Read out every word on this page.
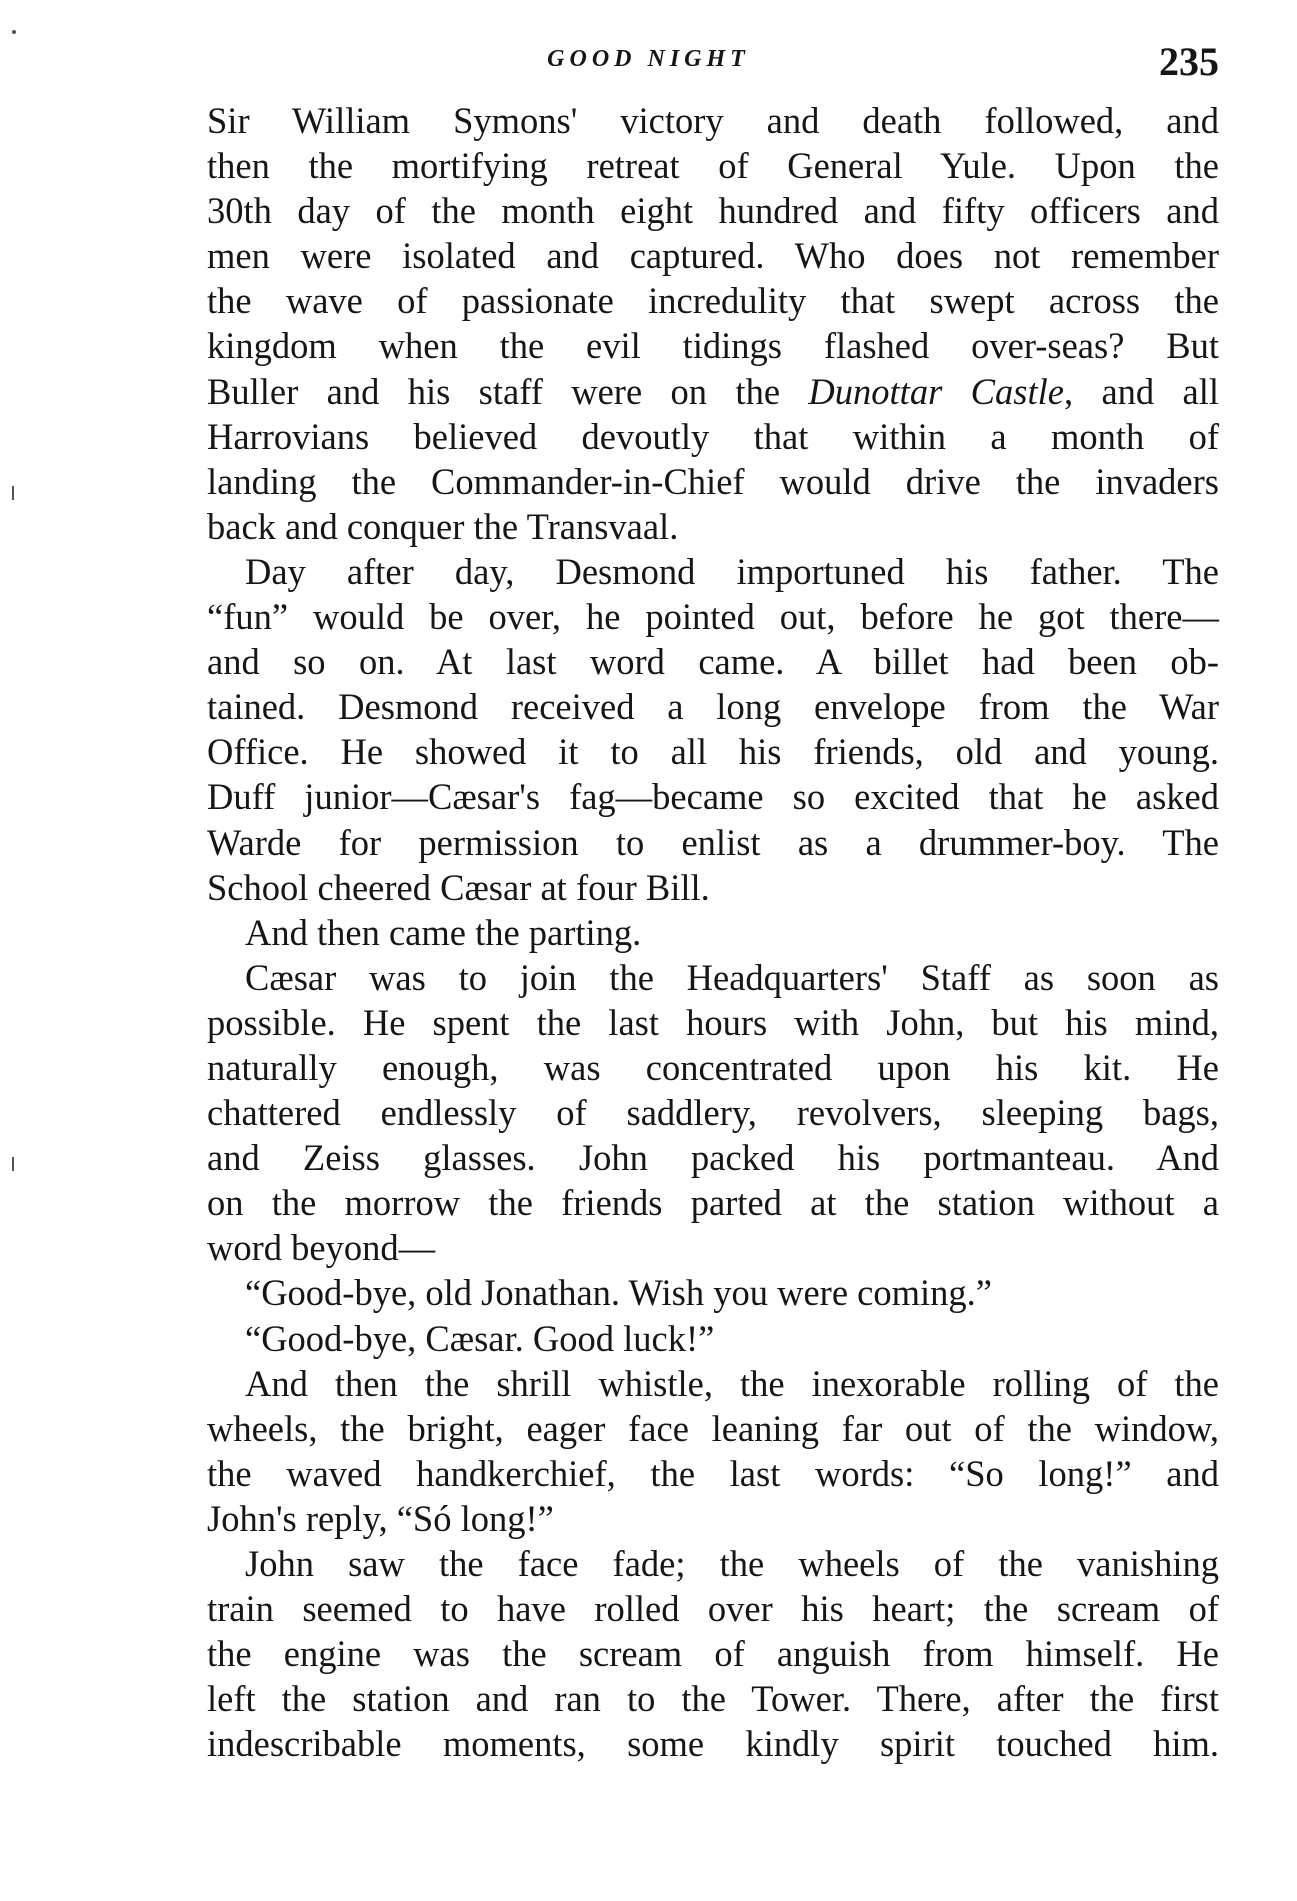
GOOD NIGHT	235
Sir William Symons' victory and death followed, and
then the mortifying retreat of General Yule. Upon the
30th day of the month eight hundred and fifty officers and
men were isolated and captured. Who does not remember
the wave of passionate incredulity that swept across the
kingdom when the evil tidings flashed over-seas? But
Buller and his staff were on the Dunottar Castle, and all
Harrovians believed devoutly that within a month of
landing the Commander-in-Chief would drive the invaders
back and conquer the Transvaal.
Day after day, Desmond importuned his father. The
“fun” would be over, he pointed out, before he got there—
and so on. At last word came. A billet had been ob-
tained. Desmond received a long envelope from the War
Office. He showed it to all his friends, old and young.
Duff junior—Cæsar's fag—became so excited that he asked
Warde for permission to enlist as a drummer-boy. The
School cheered Cæsar at four Bill.
And then came the parting.
Cæsar was to join the Headquarters' Staff as soon as
possible. He spent the last hours with John, but his mind,
naturally enough, was concentrated upon his kit. He
chattered endlessly of saddlery, revolvers, sleeping bags,
and Zeiss glasses. John packed his portmanteau. And
on the morrow the friends parted at the station without a
word beyond—
“Good-bye, old Jonathan. Wish you were coming.”
“Good-bye, Cæsar. Good luck!”
And then the shrill whistle, the inexorable rolling of the
wheels, the bright, eager face leaning far out of the window,
the waved handkerchief, the last words: “So long!” and
John's reply, “Só long!”
John saw the face fade; the wheels of the vanishing
train seemed to have rolled over his heart; the scream of
the engine was the scream of anguish from himself. He
left the station and ran to the Tower. There, after the first
indescribable moments, some kindly spirit touched him.
